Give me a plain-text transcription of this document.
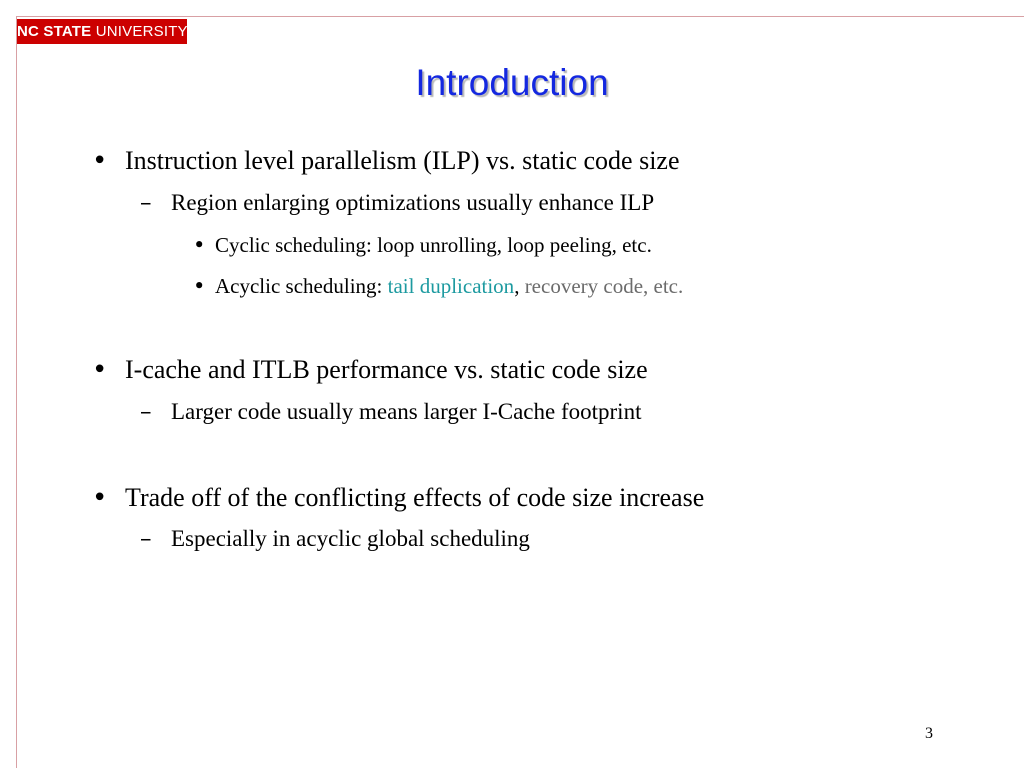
NC STATE UNIVERSITY
Introduction
• Instruction level parallelism (ILP) vs. static code size
– Region enlarging optimizations usually enhance ILP
• Cyclic scheduling: loop unrolling, loop peeling, etc.
• Acyclic scheduling: tail duplication, recovery code, etc.
• I-cache and ITLB performance vs. static code size
– Larger code usually means larger I-Cache footprint
• Trade off of the conflicting effects of code size increase
– Especially in acyclic global scheduling
3
